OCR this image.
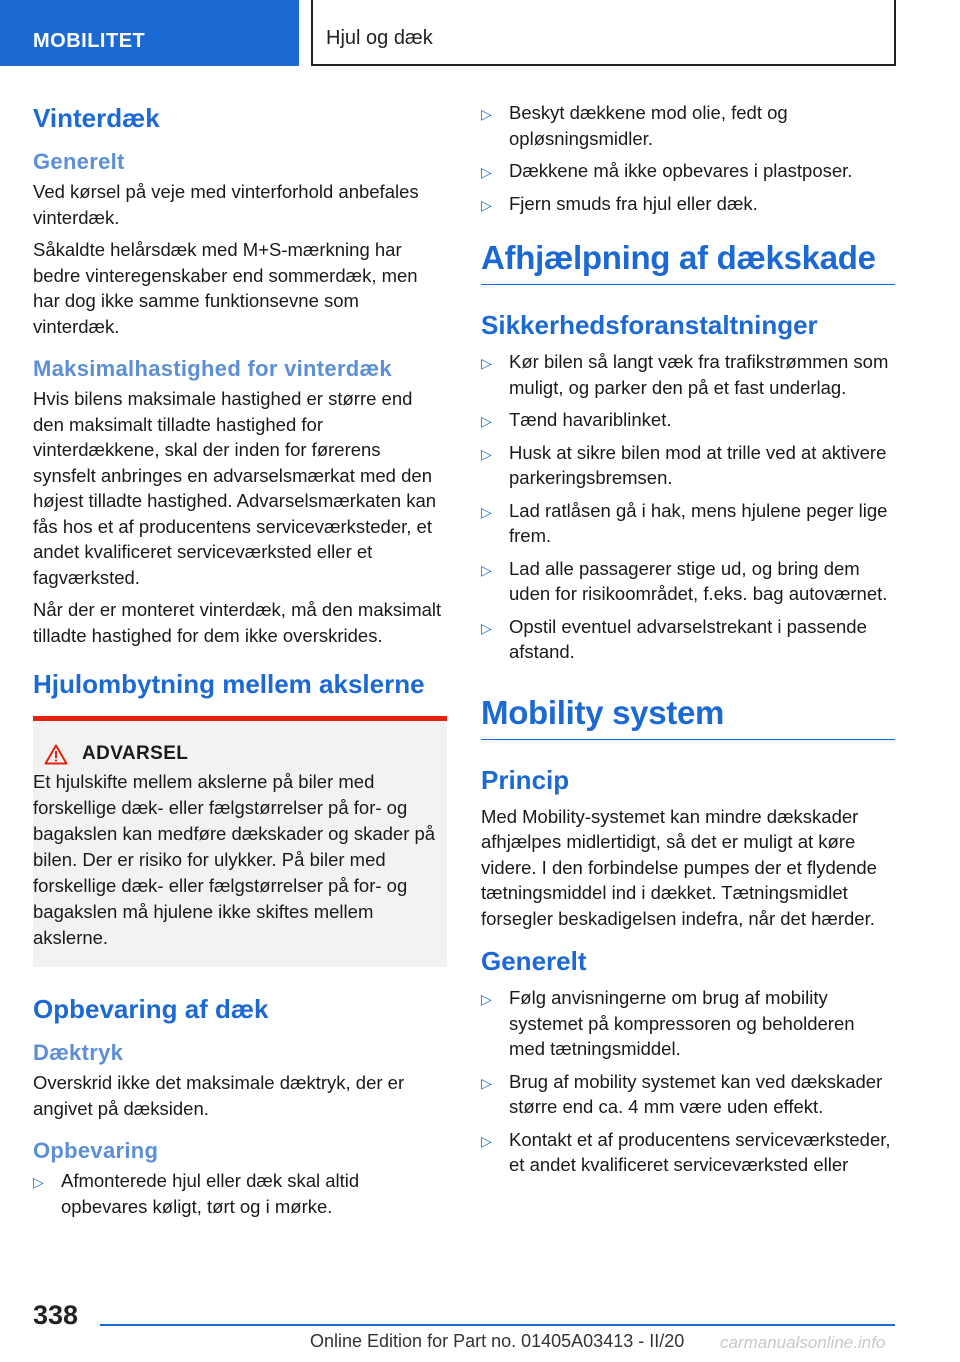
MOBILITET	Hjul og dæk
Vinterdæk
Generelt

Ved kørsel på veje med vinterforhold anbefales vinterdæk.

Såkaldte helårsdæk med M+S-mærkning har bedre vinteregenskaber end sommerdæk, men har dog ikke samme funktionsevne som vinterdæk.

Maksimalhastighed for vinterdæk

Hvis bilens maksimale hastighed er større end den maksimalt tilladte hastighed for vinterdækkene, skal der inden for førerens synsfelt anbringes en advarselsmærkat med den højest tilladte hastighed. Advarselsmærkaten kan fås hos et af producentens serviceværksteder, et andet kvalificeret serviceværksted eller et fagværksted.

Når der er monteret vinterdæk, må den maksimalt tilladte hastighed for dem ikke overskrides.

Hjulombytning mellem akslerne
ADVARSEL

Et hjulskifte mellem akslerne på biler med forskellige dæk- eller fælgstørrelser på for- og bagakslen kan medføre dækskader og skader på bilen. Der er risiko for ulykker. På biler med forskellige dæk- eller fælgstørrelser på for- og bagakslen må hjulene ikke skiftes mellem akslerne.

Opbevaring af dæk
Dæktryk

Overskrid ikke det maksimale dæktryk, der er angivet på dæksiden.

Opbevaring
▷ Afmonterede hjul eller dæk skal altid opbevares køligt, tørt og i mørke.
▷ Beskyt dækkene mod olie, fedt og opløsningsmidler.
▷ Dækkene må ikke opbevares i plastposer.
▷ Fjern smuds fra hjul eller dæk.
Afhjælpning af dækskade
Sikkerhedsforanstaltninger
▷ Kør bilen så langt væk fra trafikstrømmen som muligt, og parker den på et fast underlag.
▷ Tænd havariblinket.
▷ Husk at sikre bilen mod at trille ved at aktivere parkeringsbremsen.
▷ Lad ratlåsen gå i hak, mens hjulene peger lige frem.
▷ Lad alle passagerer stige ud, og bring dem uden for risikoområdet, f.eks. bag autoværnet.
▷ Opstil eventuel advarselstrekant i passende afstand.
Mobility system
Princip

Med Mobility-systemet kan mindre dækskader afhjælpes midlertidigt, så det er muligt at køre videre. I den forbindelse pumpes der et flydende tætningsmiddel ind i dækket. Tætningsmidlet forsegler beskadigelsen indefra, når det hærder.

Generelt
▷ Følg anvisningerne om brug af mobility systemet på kompressoren og beholderen med tætningsmiddel.
▷ Brug af mobility systemet kan ved dækskader større end ca. 4 mm være uden effekt.
▷ Kontakt et af producentens serviceværksteder, et andet kvalificeret serviceværksted eller
338
Online Edition for Part no. 01405A03413 - II/20 carmanualsonline.info
